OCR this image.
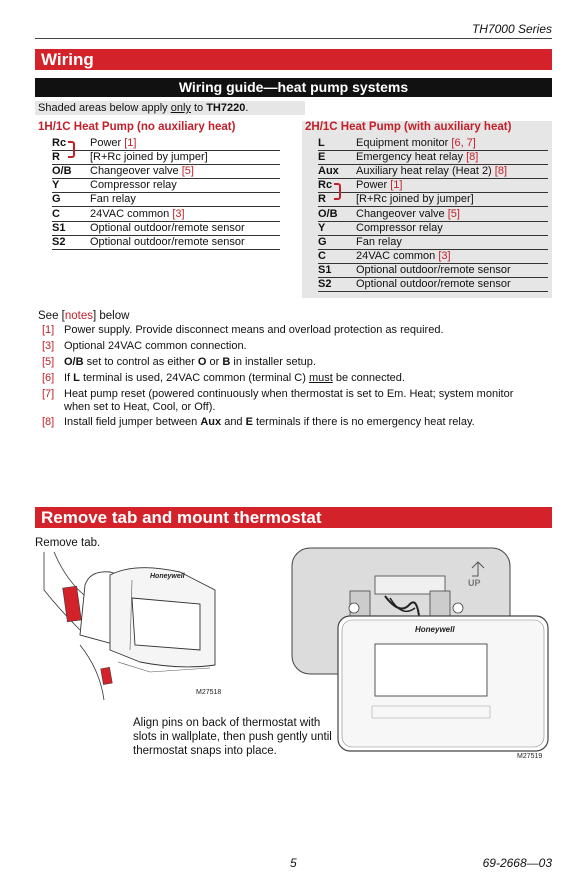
TH7000 Series
Wiring
Wiring guide—heat pump systems
Shaded areas below apply only to TH7220.
1H/1C Heat Pump (no auxiliary heat)	2H/1C Heat Pump (with auxiliary heat)
Rc	Power [1]
R	[R+Rc joined by jumper]
O/B	Changeover valve [5]
Y	Compressor relay
G	Fan relay
C	24VAC common [3]
S1	Optional outdoor/remote sensor
S2	Optional outdoor/remote sensor
L	Equipment monitor [6, 7]
E	Emergency heat relay [8]
Aux	Auxiliary heat relay (Heat 2) [8]
Rc	Power [1]
R	[R+Rc joined by jumper]
O/B	Changeover valve [5]
Y	Compressor relay
G	Fan relay
C	24VAC common [3]
S1	Optional outdoor/remote sensor
S2	Optional outdoor/remote sensor
See [notes] below
[1] Power supply. Provide disconnect means and overload protection as required.
[3] Optional 24VAC common connection.
[5] O/B set to control as either O or B in installer setup.
[6] If L terminal is used, 24VAC common (terminal C) must be connected.
[7] Heat pump reset (powered continuously when thermostat is set to Em. Heat; system monitor when set to Heat, Cool, or Off).
[8] Install field jumper between Aux and E terminals if there is no emergency heat relay.
Remove tab and mount thermostat
Remove tab.
Honeywell
M27518
Honeywell
UP
M27519
Align pins on back of thermostat with slots in wallplate, then push gently until thermostat snaps into place.
5	69-2668—03
